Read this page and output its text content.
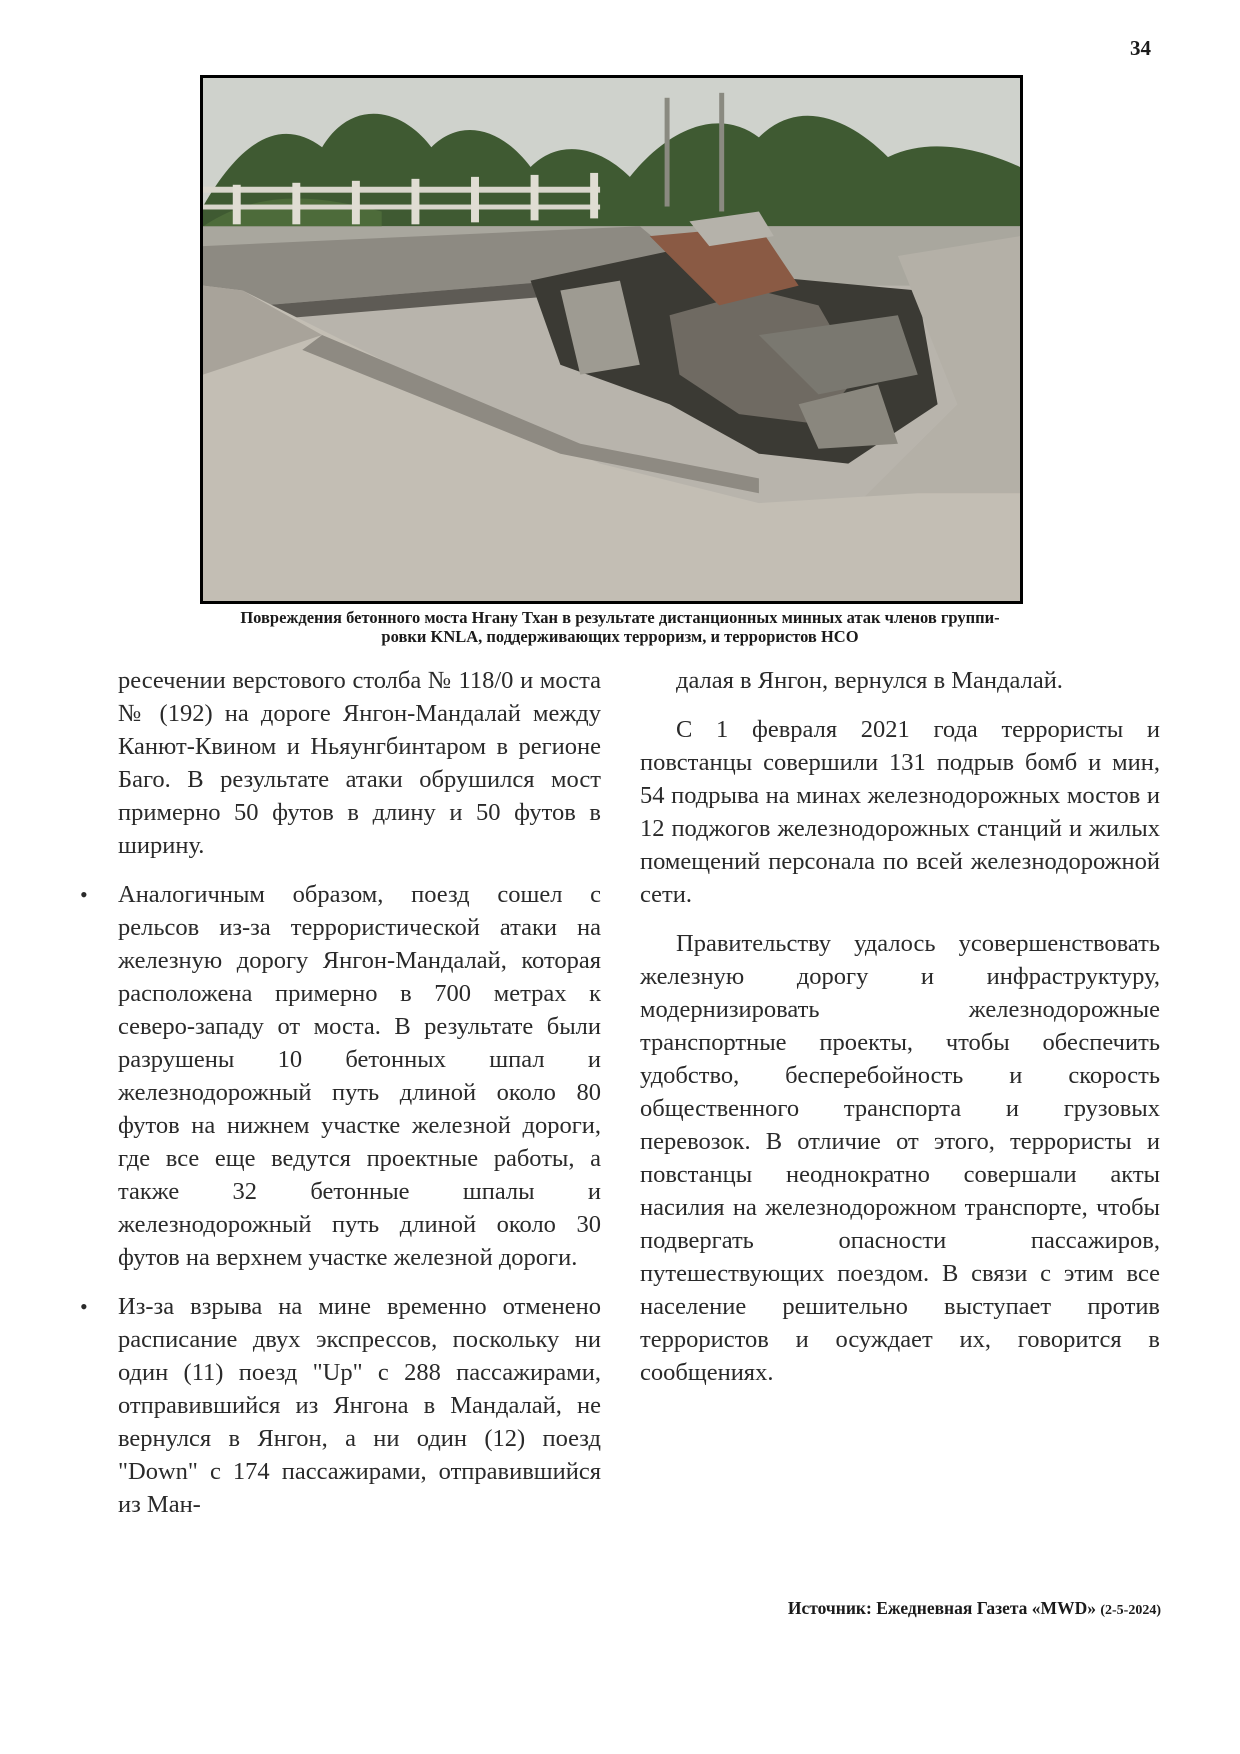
34
Повреждения бетонного моста Нгану Тхан в результате дистанционных минных атак членов группи-
ровки KNLA, поддерживающих терроризм, и террористов НСО

ресечении верстового столба № 118/0 и моста № (192) на дороге Янгон-Мандалай между Канют-Квином и Ньяунгбинтаром в регионе Баго. В результате атаки обрушился мост примерно 50 футов в длину и 50 футов в ширину.

• Аналогичным образом, поезд сошел с рельсов из-за террористической атаки на железную дорогу Янгон-Мандалай, которая расположена примерно в 700 метрах к северо-западу от моста. В результате были разрушены 10 бетонных шпал и железнодорожный путь длиной около 80 футов на нижнем участке железной дороги, где все еще ведутся проектные работы, а также 32 бетонные шпалы и железнодорожный путь длиной около 30 футов на верхнем участке железной дороги.

• Из-за взрыва на мине временно отменено расписание двух экспрессов, поскольку ни один (11) поезд "Up" с 288 пассажирами, отправившийся из Янгона в Мандалай, не вернулся в Янгон, а ни один (12) поезд "Down" с 174 пассажирами, отправившийся из Ман-

далая в Янгон, вернулся в Мандалай.

С 1 февраля 2021 года террористы и повстанцы совершили 131 подрыв бомб и мин, 54 подрыва на минах железнодорожных мостов и 12 поджогов железнодорожных станций и жилых помещений персонала по всей железнодорожной сети.

Правительству удалось усовершенствовать железную дорогу и инфраструктуру, модернизировать железнодорожные транспортные проекты, чтобы обеспечить удобство, бесперебойность и скорость общественного транспорта и грузовых перевозок. В отличие от этого, террористы и повстанцы неоднократно совершали акты насилия на железнодорожном транспорте, чтобы подвергать опасности пассажиров, путешествующих поездом. В связи с этим все население решительно выступает против террористов и осуждает их, говорится в сообщениях.

Источник: Ежедневная Газета «MWD» (2-5-2024)
